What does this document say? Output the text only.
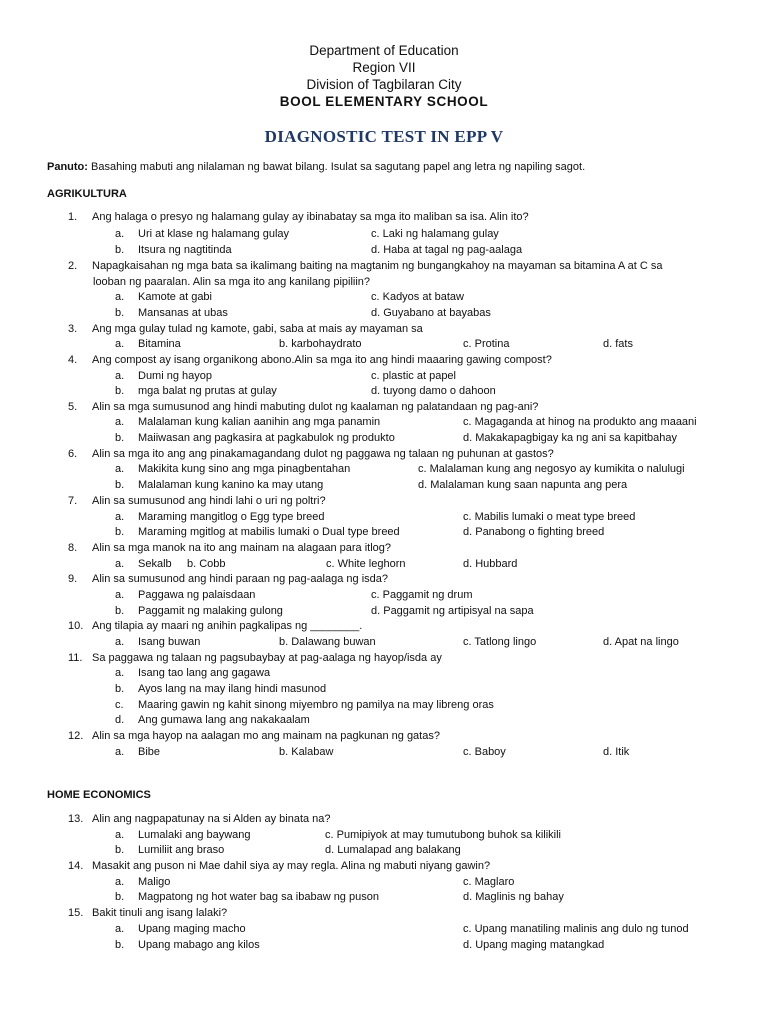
Department of Education
Region VII
Division of Tagbilaran City
BOOL ELEMENTARY SCHOOL
DIAGNOSTIC TEST IN EPP V
Panuto: Basahing mabuti ang nilalaman ng bawat bilang. Isulat sa sagutang papel ang letra ng napiling sagot.
AGRIKULTURA
HOME ECONOMICS
1. Ang halaga o presyo ng halamang gulay ay ibinabatay sa mga ito maliban sa isa. Alin ito?
a. Uri at klase ng halamang gulay	c. Laki ng halamang gulay
b. Itsura ng nagtitinda	d. Haba at tagal ng pag-aalaga
2. Napagkaisahan ng mga bata sa ikalimang baiting na magtanim ng bungangkahoy na mayaman sa bitamina A at C sa
looban ng paaralan. Alin sa mga ito ang kanilang pipiliin?
a. Kamote at gabi	c. Kadyos at bataw
b. Mansanas at ubas	d. Guyabano at bayabas
3. Ang mga gulay tulad ng kamote, gabi, saba at mais ay mayaman sa
a. Bitamina	b. karbohaydrato	c. Protina	d. fats
4. Ang compost ay isang organikong abono.Alin sa mga ito ang hindi maaaring gawing compost?
a. Dumi ng hayop	c. plastic at papel
b. mga balat ng prutas at gulay	d. tuyong damo o dahoon
5. Alin sa mga sumusunod ang hindi mabuting dulot ng kaalaman ng palatandaan ng pag-ani?
a. Malalaman kung kalian aanihin ang mga panamin	c. Magaganda at hinog na produkto ang maaani
b. Maiiwasan ang pagkasira at pagkabulok ng produkto	d. Makakapagbigay ka ng ani sa kapitbahay
6. Alin sa mga ito ang ang pinakamagandang dulot ng paggawa ng talaan ng puhunan at gastos?
a. Makikita kung sino ang mga pinagbentahan	c. Malalaman kung ang negosyo ay kumikita o nalulugi
b. Malalaman kung kanino ka may utang	d. Malalaman kung saan napunta ang pera
7. Alin sa sumusunod ang hindi lahi o uri ng poltri?
a. Maraming mangitlog o Egg type breed	c. Mabilis lumaki o meat type breed
b. Maraming mgitlog at mabilis lumaki o Dual type breed	d. Panabong o fighting breed
8. Alin sa mga manok na ito ang mainam na alagaan para itlog?
a. Sekalb b. Cobb	c. White leghorn	d. Hubbard
9. Alin sa sumusunod ang hindi paraan ng pag-aalaga ng isda?
a. Paggawa ng palaisdaan	c. Paggamit ng drum
b. Paggamit ng malaking gulong	d. Paggamit ng artipisyal na sapa
10. Ang tilapia ay maari ng anihin pagkalipas ng ________.
a. Isang buwan	b. Dalawang buwan	c. Tatlong lingo	d. Apat na lingo
11. Sa paggawa ng talaan ng pagsubaybay at pag-aalaga ng hayop/isda ay
a. Isang tao lang ang gagawa
b. Ayos lang na may ilang hindi masunod
c. Maaring gawin ng kahit sinong miyembro ng pamilya na may libreng oras
d. Ang gumawa lang ang nakakaalam
12. Alin sa mga hayop na aalagan mo ang mainam na pagkunan ng gatas?
a. Bibe	b. Kalabaw	c. Baboy	d. Itik
13. Alin ang nagpapatunay na si Alden ay binata na?
a. Lumalaki ang baywang	c. Pumipiyok at may tumutubong buhok sa kilikili
b. Lumiliit ang braso	d. Lumalapad ang balakang
14. Masakit ang puson ni Mae dahil siya ay may regla. Alina ng mabuti niyang gawin?
a. Maligo	c. Maglaro
b. Magpatong ng hot water bag sa ibabaw ng puson	d. Maglinis ng bahay
15. Bakit tinuli ang isang lalaki?
a. Upang maging macho	c. Upang manatiling malinis ang dulo ng tunod
b. Upang mabago ang kilos	d. Upang maging matangkad
